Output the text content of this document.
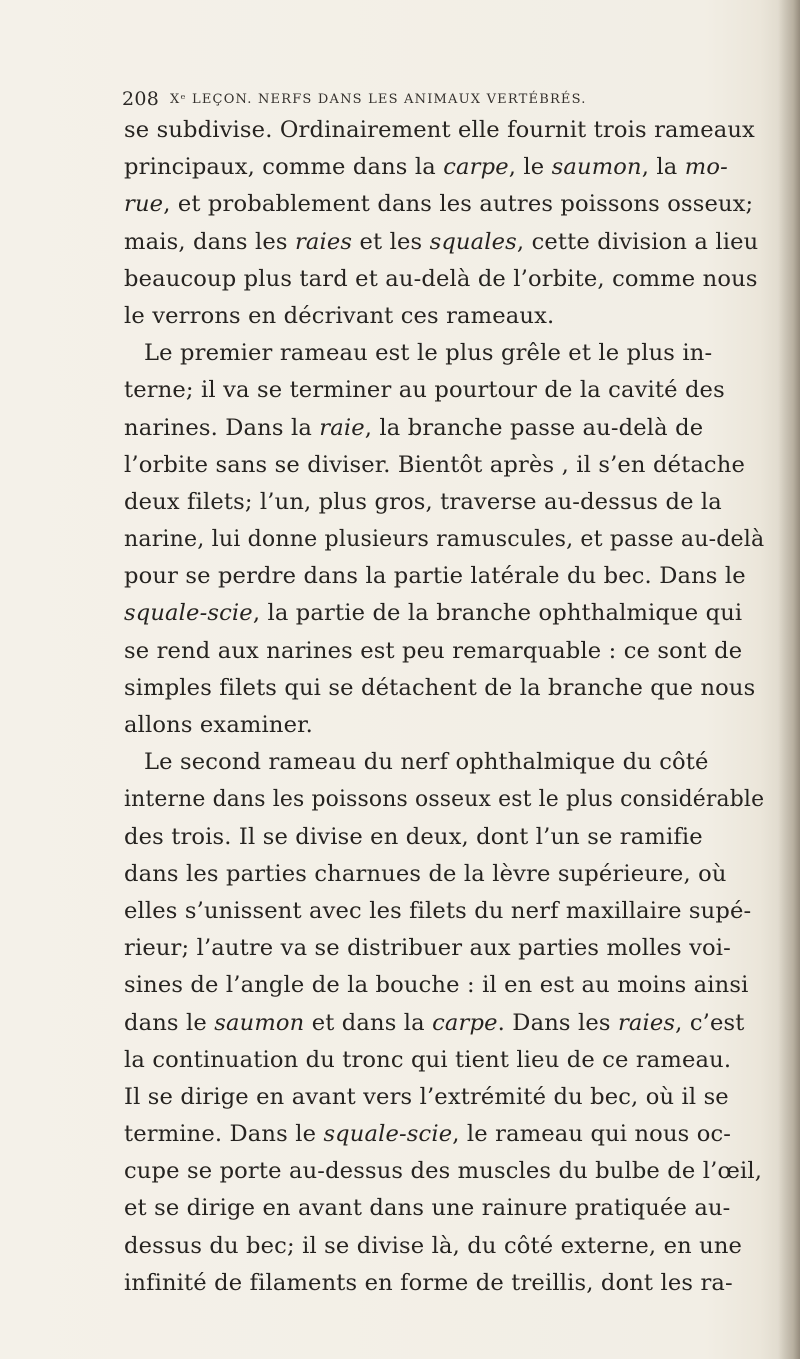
208 Xᵉ LEÇON. NERFS DANS LES ANIMAUX VERTÉBRÉS.
se subdivise. Ordinairement elle fournit trois rameaux
principaux, comme dans la carpe, le saumon, la mo-
rue, et probablement dans les autres poissons osseux;
mais, dans les raies et les squales, cette division a lieu
beaucoup plus tard et au-delà de l’orbite, comme nous
le verrons en décrivant ces rameaux.
Le premier rameau est le plus grêle et le plus in-
terne; il va se terminer au pourtour de la cavité des
narines. Dans la raie, la branche passe au-delà de
l’orbite sans se diviser. Bientôt après , il s’en détache
deux filets; l’un, plus gros, traverse au-dessus de la
narine, lui donne plusieurs ramuscules, et passe au-delà
pour se perdre dans la partie latérale du bec. Dans le
squale-scie, la partie de la branche ophthalmique qui
se rend aux narines est peu remarquable : ce sont de
simples filets qui se détachent de la branche que nous
allons examiner.
Le second rameau du nerf ophthalmique du côté
interne dans les poissons osseux est le plus considérable
des trois. Il se divise en deux, dont l’un se ramifie
dans les parties charnues de la lèvre supérieure, où
elles s’unissent avec les filets du nerf maxillaire supé-
rieur; l’autre va se distribuer aux parties molles voi-
sines de l’angle de la bouche : il en est au moins ainsi
dans le saumon et dans la carpe. Dans les raies, c’est
la continuation du tronc qui tient lieu de ce rameau.
Il se dirige en avant vers l’extrémité du bec, où il se
termine. Dans le squale-scie, le rameau qui nous oc-
cupe se porte au-dessus des muscles du bulbe de l’œil,
et se dirige en avant dans une rainure pratiquée au-
dessus du bec; il se divise là, du côté externe, en une
infinité de filaments en forme de treillis, dont les ra-
